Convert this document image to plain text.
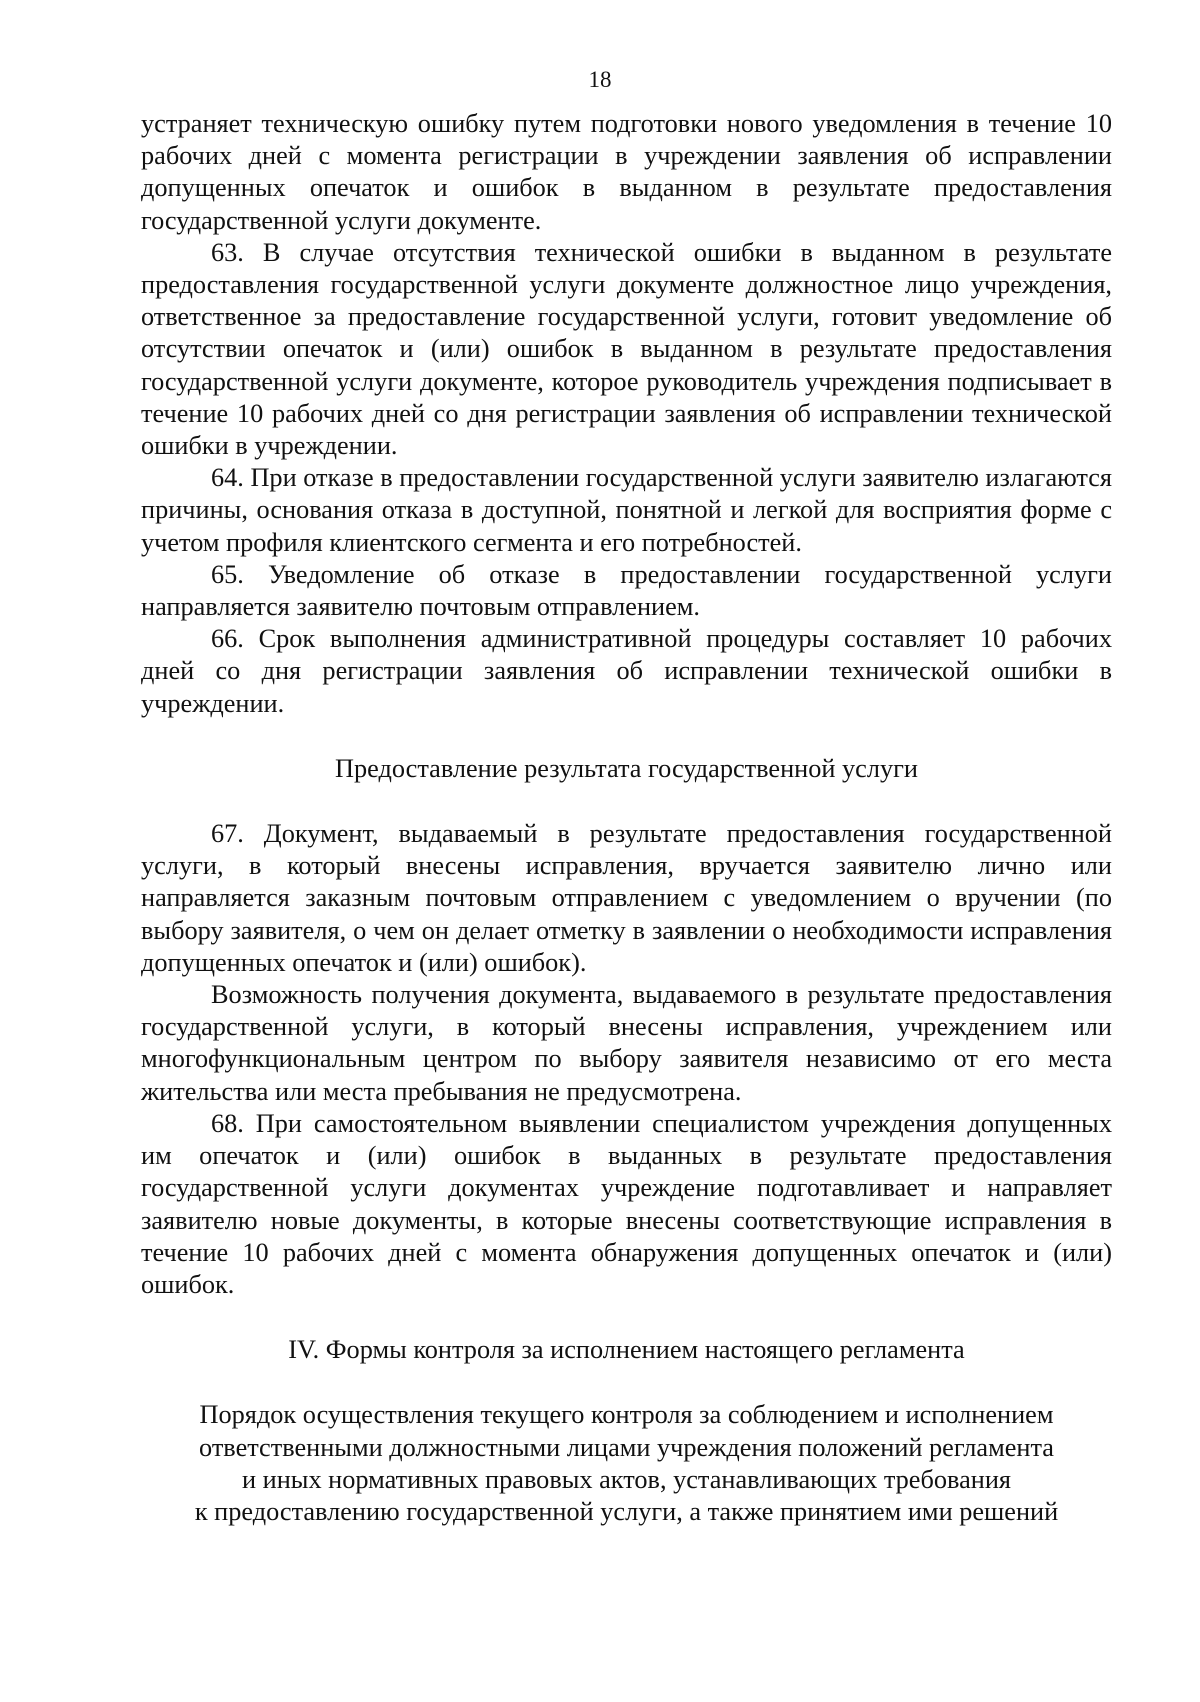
18

устраняет техническую ошибку путем подготовки нового уведомления в течение 10 рабочих дней с момента регистрации в учреждении заявления об исправлении допущенных опечаток и ошибок в выданном в результате предоставления государственной услуги документе.

63. В случае отсутствия технической ошибки в выданном в результате предоставления государственной услуги документе должностное лицо учреждения, ответственное за предоставление государственной услуги, готовит уведомление об отсутствии опечаток и (или) ошибок в выданном в результате предоставления государственной услуги документе, которое руководитель учреждения подписывает в течение 10 рабочих дней со дня регистрации заявления об исправлении технической ошибки в учреждении.

64. При отказе в предоставлении государственной услуги заявителю излагаются причины, основания отказа в доступной, понятной и легкой для восприятия форме с учетом профиля клиентского сегмента и его потребностей.

65. Уведомление об отказе в предоставлении государственной услуги направляется заявителю почтовым отправлением.

66. Срок выполнения административной процедуры составляет 10 рабочих дней со дня регистрации заявления об исправлении технической ошибки в учреждении.

Предоставление результата государственной услуги

67. Документ, выдаваемый в результате предоставления государственной услуги, в который внесены исправления, вручается заявителю лично или направляется заказным почтовым отправлением с уведомлением о вручении (по выбору заявителя, о чем он делает отметку в заявлении о необходимости исправления допущенных опечаток и (или) ошибок).

Возможность получения документа, выдаваемого в результате предоставления государственной услуги, в который внесены исправления, учреждением или многофункциональным центром по выбору заявителя независимо от его места жительства или места пребывания не предусмотрена.

68. При самостоятельном выявлении специалистом учреждения допущенных им опечаток и (или) ошибок в выданных в результате предоставления государственной услуги документах учреждение подготавливает и направляет заявителю новые документы, в которые внесены соответствующие исправления в течение 10 рабочих дней с момента обнаружения допущенных опечаток и (или) ошибок.

IV. Формы контроля за исполнением настоящего регламента
Порядок осуществления текущего контроля за соблюдением и исполнением
ответственными должностными лицами учреждения положений регламента
и иных нормативных правовых актов, устанавливающих требования
к предоставлению государственной услуги, а также принятием ими решений
